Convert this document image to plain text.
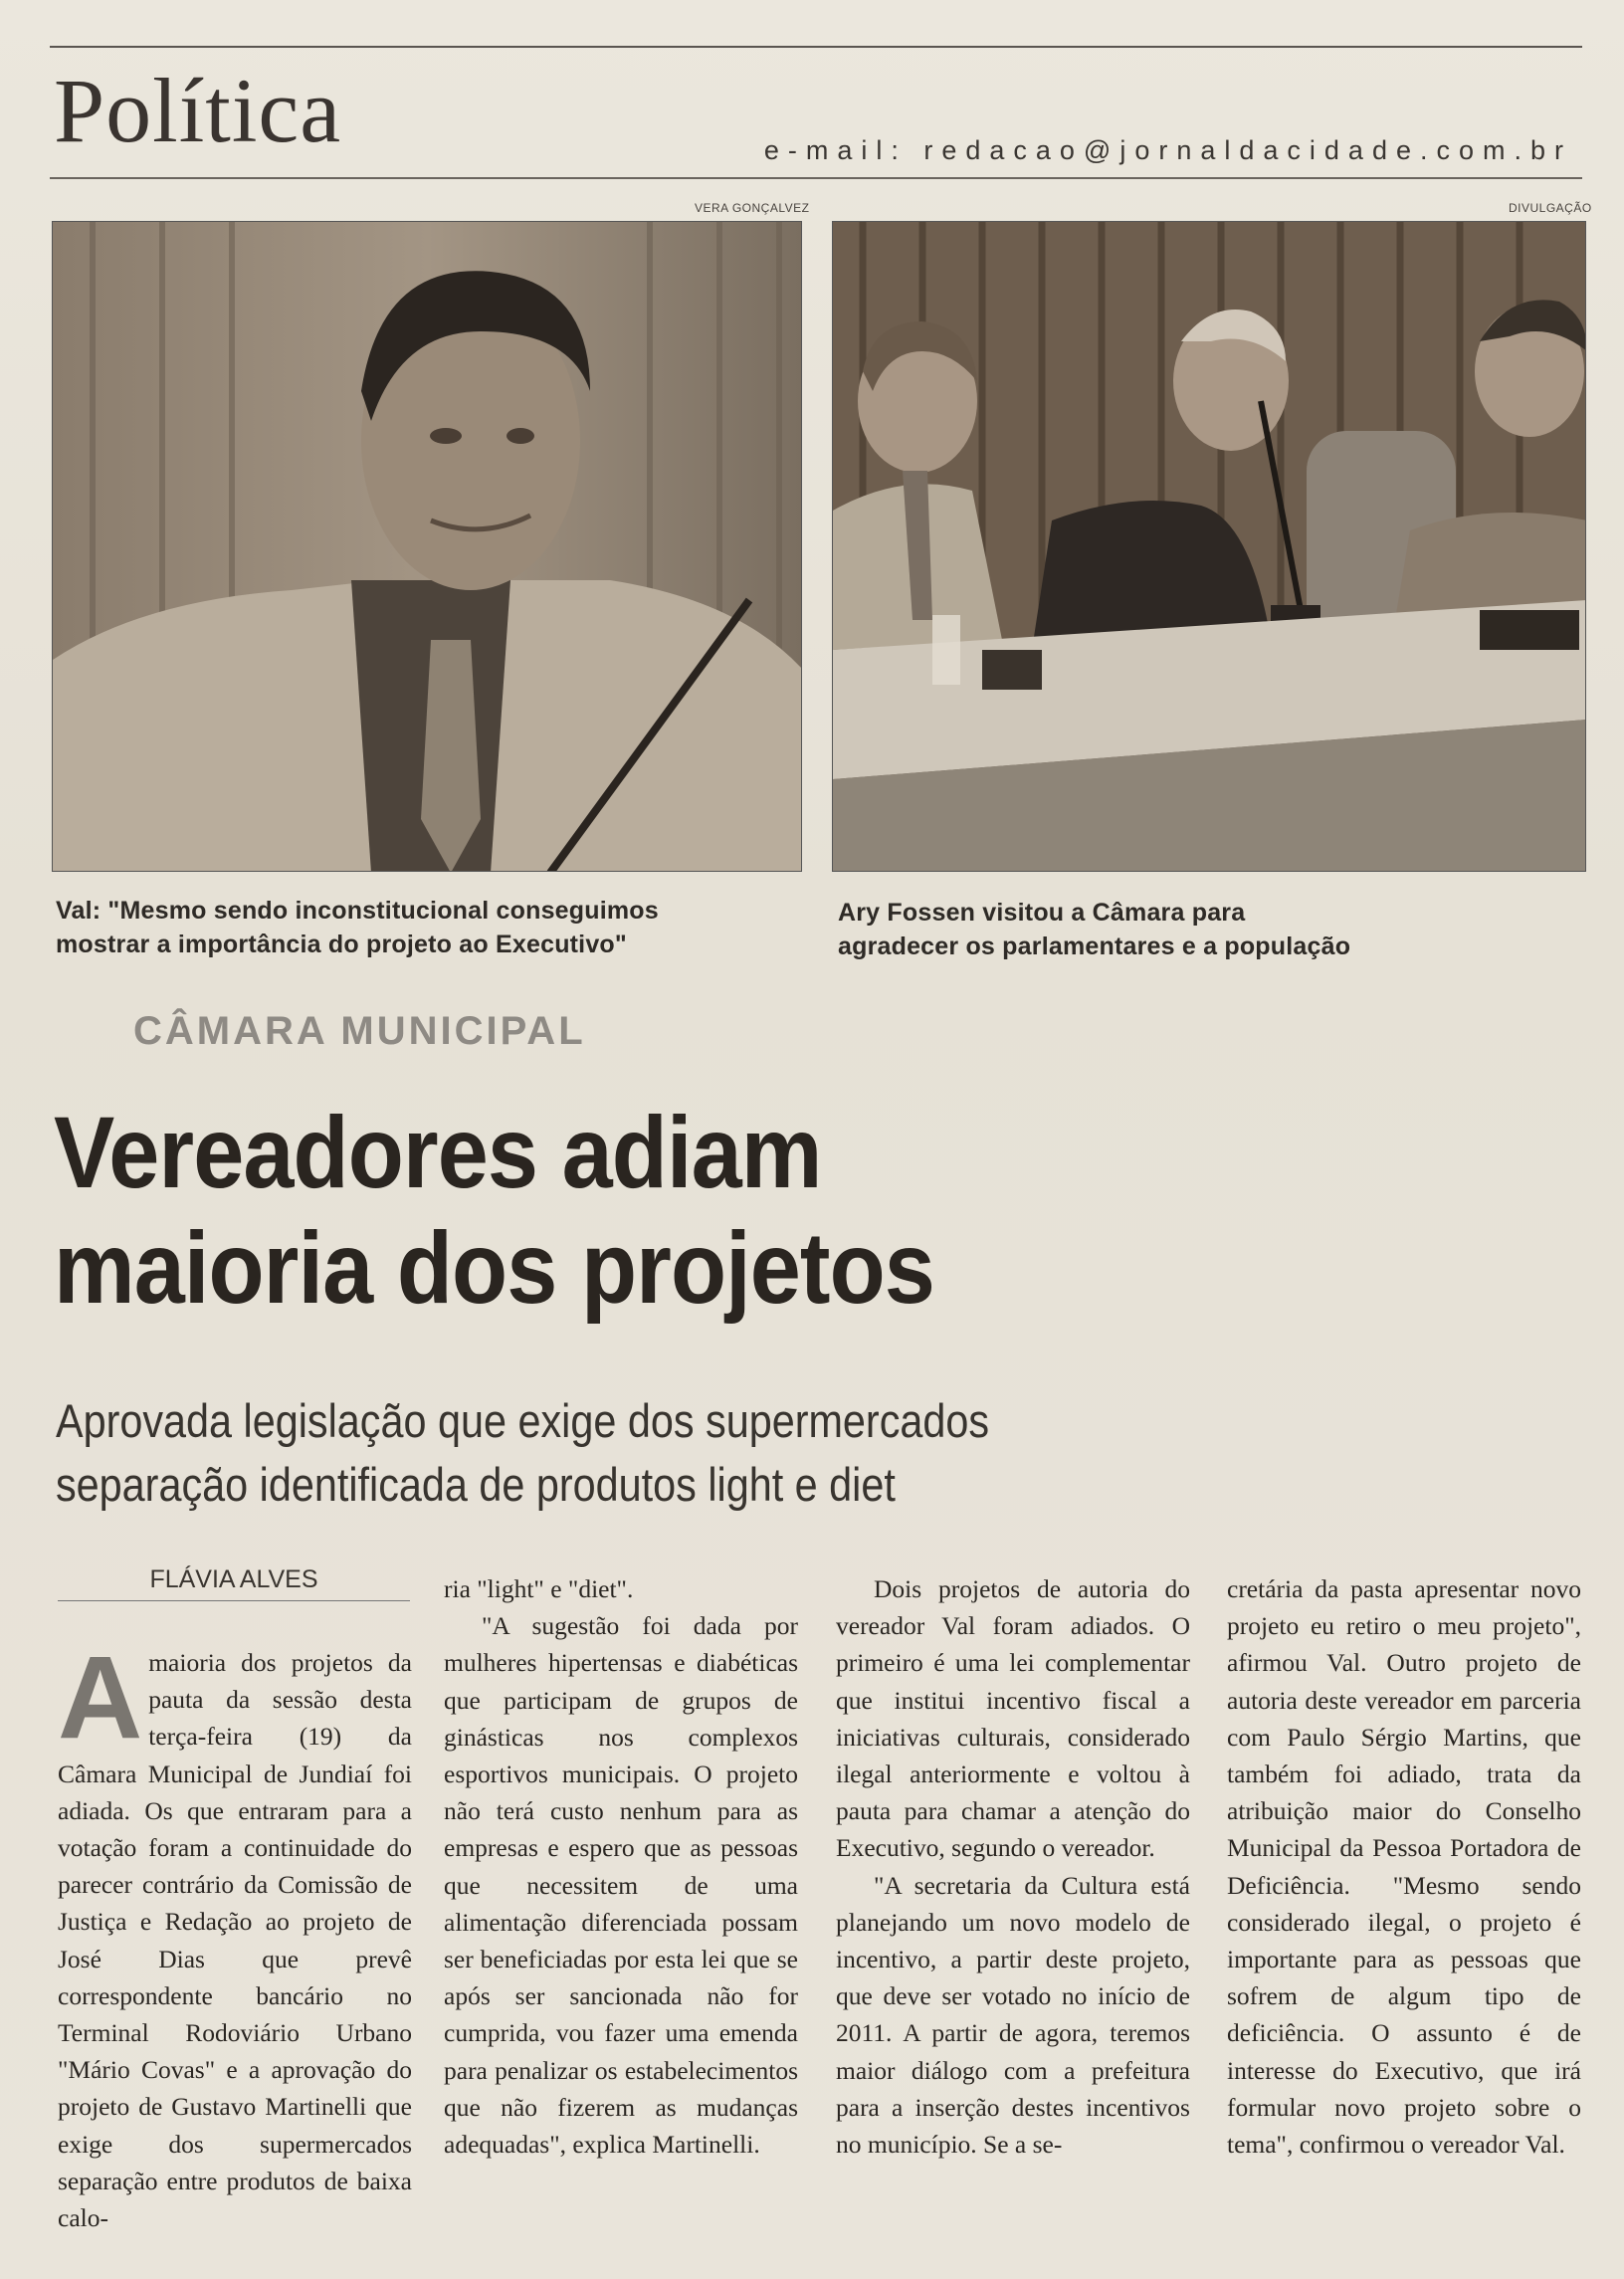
Política	e-mail: redacao@jornaldacidade.com.br
VERA GONÇALVEZ
Val: "Mesmo sendo inconstitucional conseguimos
mostrar a importância do projeto ao Executivo"
DIVULGAÇÃO
Ary Fossen visitou a Câmara para
agradecer os parlamentares e a população
CÂMARA MUNICIPAL
Vereadores adiam
maioria dos projetos
Aprovada legislação que exige dos supermercados
separação identificada de produtos light e diet
FLÁVIA ALVES

Amaioria dos projetos da pauta da sessão desta terça-feira (19) da Câmara Municipal de Jundiaí foi adiada. Os que entraram para a votação foram a continuidade do parecer contrário da Comissão de Justiça e Redação ao projeto de José Dias que prevê correspondente bancário no Terminal Rodoviário Urbano "Mário Covas" e a aprovação do projeto de Gustavo Martinelli que exige dos supermercados separação entre produtos de baixa calo-

ria "light" e "diet".

"A sugestão foi dada por mulheres hipertensas e diabéticas que participam de grupos de ginásticas nos complexos esportivos municipais. O projeto não terá custo nenhum para as empresas e espero que as pessoas que necessitem de uma alimentação diferenciada possam ser beneficiadas por esta lei que se após ser sancionada não for cumprida, vou fazer uma emenda para penalizar os estabelecimentos que não fizerem as mudanças adequadas", explica Martinelli.

Dois projetos de autoria do vereador Val foram adiados. O primeiro é uma lei complementar que institui incentivo fiscal a iniciativas culturais, considerado ilegal anteriormente e voltou à pauta para chamar a atenção do Executivo, segundo o vereador.

"A secretaria da Cultura está planejando um novo modelo de incentivo, a partir deste projeto, que deve ser votado no início de 2011. A partir de agora, teremos maior diálogo com a prefeitura para a inserção destes incentivos no município. Se a se-

cretária da pasta apresentar novo projeto eu retiro o meu projeto", afirmou Val. Outro projeto de autoria deste vereador em parceria com Paulo Sérgio Martins, que também foi adiado, trata da atribuição maior do Conselho Municipal da Pessoa Portadora de Deficiência. "Mesmo sendo considerado ilegal, o projeto é importante para as pessoas que sofrem de algum tipo de deficiência. O assunto é de interesse do Executivo, que irá formular novo projeto sobre o tema", confirmou o vereador Val.
